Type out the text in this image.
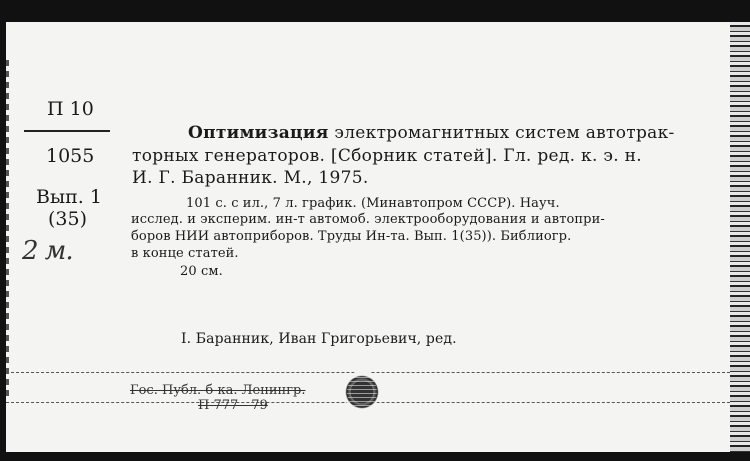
П 10
1055
Вып. 1
(35)
2 м.
Оптимизация электромагнитных систем автотрак-
торных генераторов. [Сборник статей]. Гл. ред. к. э. н.
И. Г. Баранник. М., 1975.
101 с. с ил., 7 л. график. (Минавтопром СССР). Науч.
исслед. и эксперим. ин-т автомоб. электрооборудования и автопри-
боров НИИ автоприборов. Труды Ин-та. Вып. 1(35)). Библиогр.
в конце статей.
20 см.
I. Баранник, Иван Григорьевич, ред.
Гос. Публ. б-ка. Ленингр.
П 777—79
